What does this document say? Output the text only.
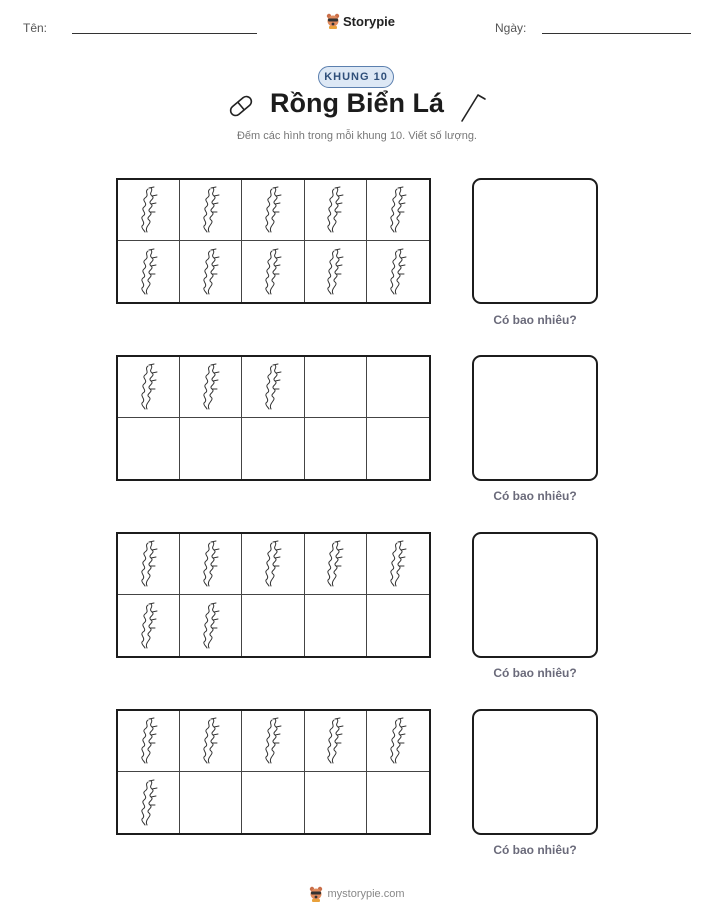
Tên:	Storypie	Ngày:
KHUNG 10
Rồng Biển Lá
Đếm các hình trong mỗi khung 10. Viết số lượng.
Có bao nhiêu?
Có bao nhiêu?
Có bao nhiêu?
Có bao nhiêu?
mystorypie.com
